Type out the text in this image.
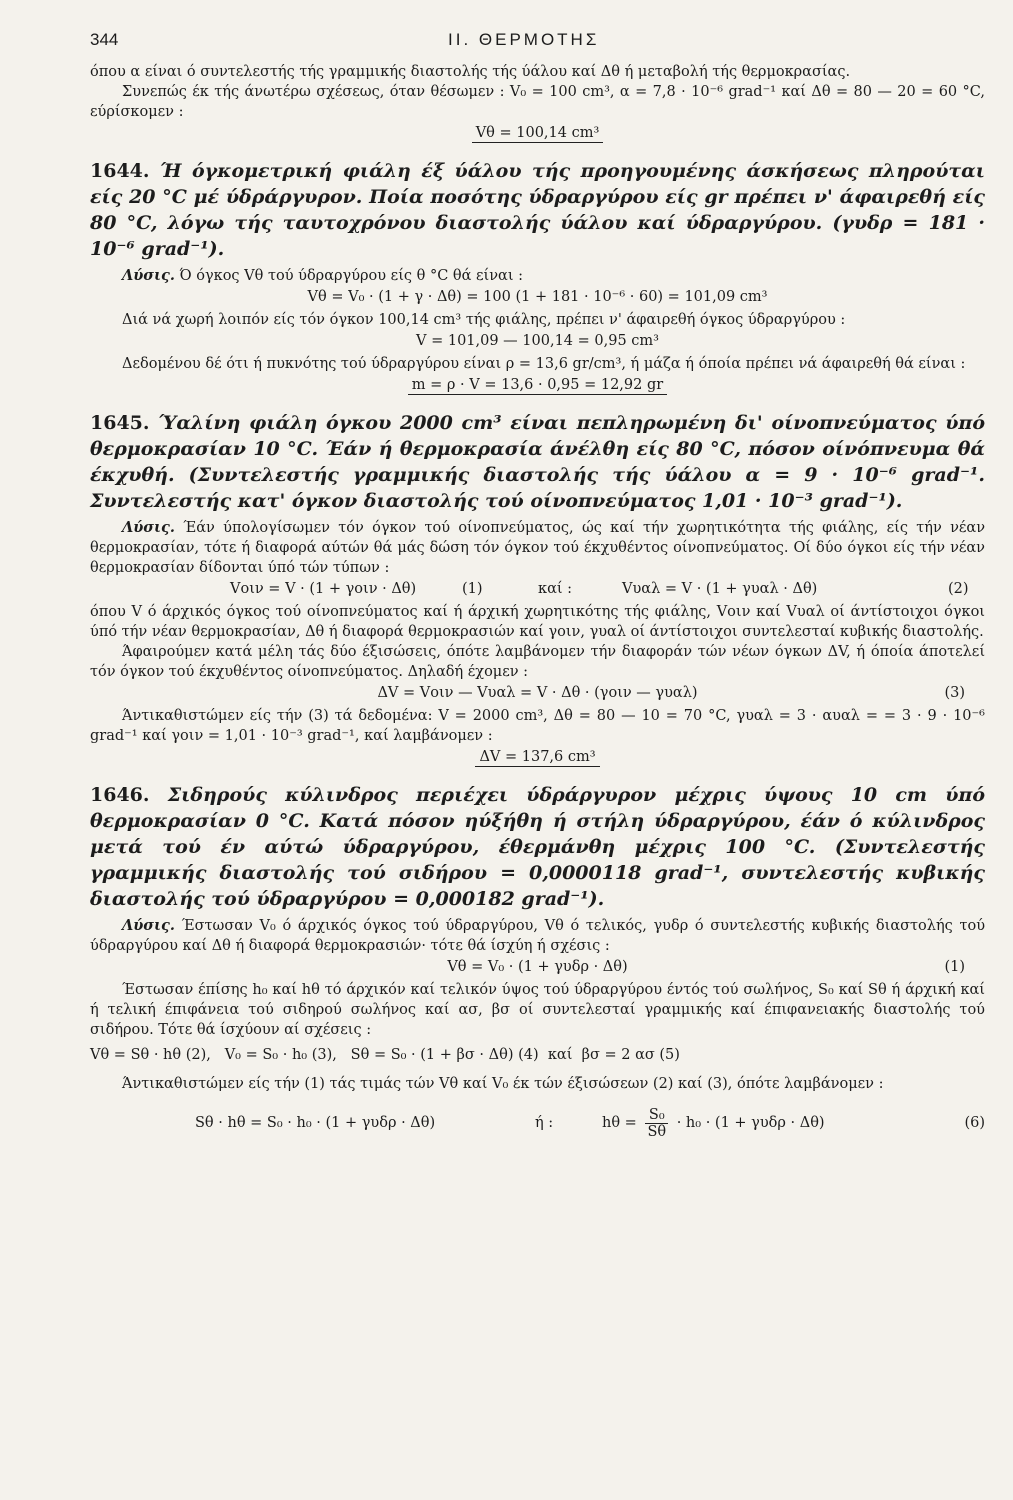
344	ΙΙ. ΘΕΡΜΟΤΗΣ

όπου α είναι ό συντελεστής τής γραμμικής διαστολής τής ύάλου καί Δθ ή μεταβολή τής θερμοκρασίας.

Συνεπώς έκ τής άνωτέρω σχέσεως, όταν θέσωμεν : V₀ = 100 cm³, α = 7,8 · 10⁻⁶ grad⁻¹ καί Δθ = 80 — 20 = 60 °C, εύρίσκομεν :

Vθ = 100,14 cm³

1644. Ή όγκομετρική φιάλη έξ ύάλου τής προηγουμένης άσκήσεως πληρούται είς 20 °C μέ ύδράργυρον. Ποία ποσότης ύδραργύρου είς gr πρέπει ν' άφαιρεθή είς 80 °C, λόγω τής ταυτοχρόνου διαστολής ύάλου καί ύδραργύρου. (γυδρ = 181 · 10⁻⁶ grad⁻¹).

Λύσις. Ό όγκος Vθ τού ύδραργύρου είς θ °C θά είναι :

Vθ = V₀ · (1 + γ · Δθ) = 100 (1 + 181 · 10⁻⁶ · 60) = 101,09 cm³

Διά νά χωρή λοιπόν είς τόν όγκον 100,14 cm³ τής φιάλης, πρέπει ν' άφαιρεθή όγκος ύδραργύρου :

V = 101,09 — 100,14 = 0,95 cm³

Δεδομένου δέ ότι ή πυκνότης τού ύδραργύρου είναι ρ = 13,6 gr/cm³, ή μάζα ή όποία πρέπει νά άφαιρεθή θά είναι :

m = ρ · V = 13,6 · 0,95 = 12,92 gr

1645. Ύαλίνη φιάλη όγκου 2000 cm³ είναι πεπληρωμένη δι' οίνοπνεύματος ύπό θερμοκρασίαν 10 °C. Έάν ή θερμοκρασία άνέλθη είς 80 °C, πόσον οίνόπνευμα θά έκχυθή. (Συντελεστής γραμμικής διαστολής τής ύάλου α = 9 · 10⁻⁶ grad⁻¹. Συντελεστής κατ' όγκον διαστολής τού οίνοπνεύματος 1,01 · 10⁻³ grad⁻¹).

Λύσις. Έάν ύπολογίσωμεν τόν όγκον τού οίνοπνεύματος, ώς καί τήν χωρητικότητα τής φιάλης, είς τήν νέαν θερμοκρασίαν, τότε ή διαφορά αύτών θά μάς δώση τόν όγκον τού έκχυθέντος οίνοπνεύματος. Οί δύο όγκοι είς τήν νέαν θερμοκρασίαν δίδονται ύπό τών τύπων :

Vοιν = V · (1 + γοιν · Δθ)	(1)	καί :	Vυαλ = V · (1 + γυαλ · Δθ)	(2)

όπου V ό άρχικός όγκος τού οίνοπνεύματος καί ή άρχική χωρητικότης τής φιάλης, Vοιν καί Vυαλ οί άντίστοιχοι όγκοι ύπό τήν νέαν θερμοκρασίαν, Δθ ή διαφορά θερμοκρασιών καί γοιν, γυαλ οί άντίστοιχοι συντελεσταί κυβικής διαστολής.

Άφαιρούμεν κατά μέλη τάς δύο έξισώσεις, όπότε λαμβάνομεν τήν διαφοράν τών νέων όγκων ΔV, ή όποία άποτελεί τόν όγκον τού έκχυθέντος οίνοπνεύματος. Δηλαδή έχομεν :

ΔV = Vοιν — Vυαλ = V · Δθ · (γοιν — γυαλ)	(3)

Άντικαθιστώμεν είς τήν (3) τά δεδομένα: V = 2000 cm³, Δθ = 80 — 10 = 70 °C, γυαλ = 3 · αυαλ = = 3 · 9 · 10⁻⁶ grad⁻¹ καί γοιν = 1,01 · 10⁻³ grad⁻¹, καί λαμβάνομεν :

ΔV = 137,6 cm³

1646. Σιδηρούς κύλινδρος περιέχει ύδράργυρον μέχρις ύψους 10 cm ύπό θερμοκρασίαν 0 °C. Κατά πόσον ηύξήθη ή στήλη ύδραργύρου, έάν ό κύλινδρος μετά τού έν αύτώ ύδραργύρου, έθερμάνθη μέχρις 100 °C. (Συντελεστής γραμμικής διαστολής τού σιδήρου = 0,0000118 grad⁻¹, συντελεστής κυβικής διαστολής τού ύδραργύρου = 0,000182 grad⁻¹).

Λύσις. Έστωσαν V₀ ό άρχικός όγκος τού ύδραργύρου, Vθ ό τελικός, γυδρ ό συντελεστής κυβικής διαστολής τού ύδραργύρου καί Δθ ή διαφορά θερμοκρασιών· τότε θά ίσχύη ή σχέσις :

Vθ = V₀ · (1 + γυδρ · Δθ)	(1)

Έστωσαν έπίσης h₀ καί hθ τό άρχικόν καί τελικόν ύψος τού ύδραργύρου έντός τού σωλήνος, S₀ καί Sθ ή άρχική καί ή τελική έπιφάνεια τού σιδηρού σωλήνος καί ασ, βσ οί συντελεσταί γραμμικής καί έπιφανειακής διαστολής τού σιδήρου. Τότε θά ίσχύουν αί σχέσεις :

Vθ = Sθ · hθ (2),   V₀ = S₀ · h₀ (3),   Sθ = S₀ · (1 + βσ · Δθ) (4)  καί  βσ = 2 ασ (5)

Άντικαθιστώμεν είς τήν (1) τάς τιμάς τών Vθ καί V₀ έκ τών έξισώσεων (2) καί (3), όπότε λαμβάνομεν :

Sθ · hθ = S₀ · h₀ · (1 + γυδρ · Δθ)	ή :	$h\theta = \frac{\text{S₀}}{S\theta} \cdot h_0 \cdot (1 + \gamma\upsilon\delta\rho \cdot \Delta\theta)$	(6)
